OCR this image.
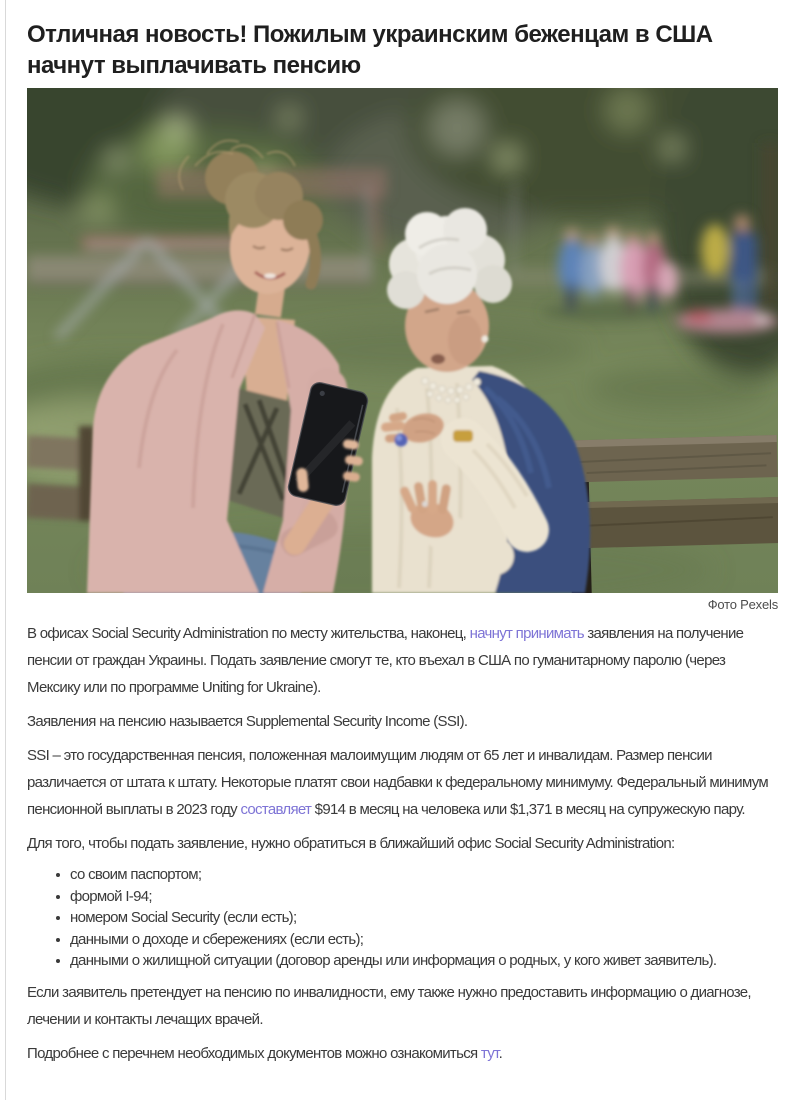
Отличная новость! Пожилым украинским беженцам в США начнут выплачивать пенсию
Фото Pexels

В офисах Social Security Administration по месту жительства, наконец, начнут принимать заявления на получение пенсии от граждан Украины. Подать заявление смогут те, кто въехал в США по гуманитарному паролю (через Мексику или по программе Uniting for Ukraine).

Заявления на пенсию называется Supplemental Security Income (SSI).

SSI – это государственная пенсия, положенная малоимущим людям от 65 лет и инвалидам. Размер пенсии различается от штата к штату. Некоторые платят свои надбавки к федеральному минимуму. Федеральный минимум пенсионной выплаты в 2023 году составляет $914 в месяц на человека или $1,371 в месяц на супружескую пару.

Для того, чтобы подать заявление, нужно обратиться в ближайший офис Social Security Administration:

со своим паспортом;
формой I-94;
номером Social Security (если есть);
данными о доходе и сбережениях (если есть);
данными о жилищной ситуации (договор аренды или информация о родных, у кого живет заявитель).

Если заявитель претендует на пенсию по инвалидности, ему также нужно предоставить информацию о диагнозе, лечении и контакты лечащих врачей.

Подробнее с перечнем необходимых документов можно ознакомиться тут.
